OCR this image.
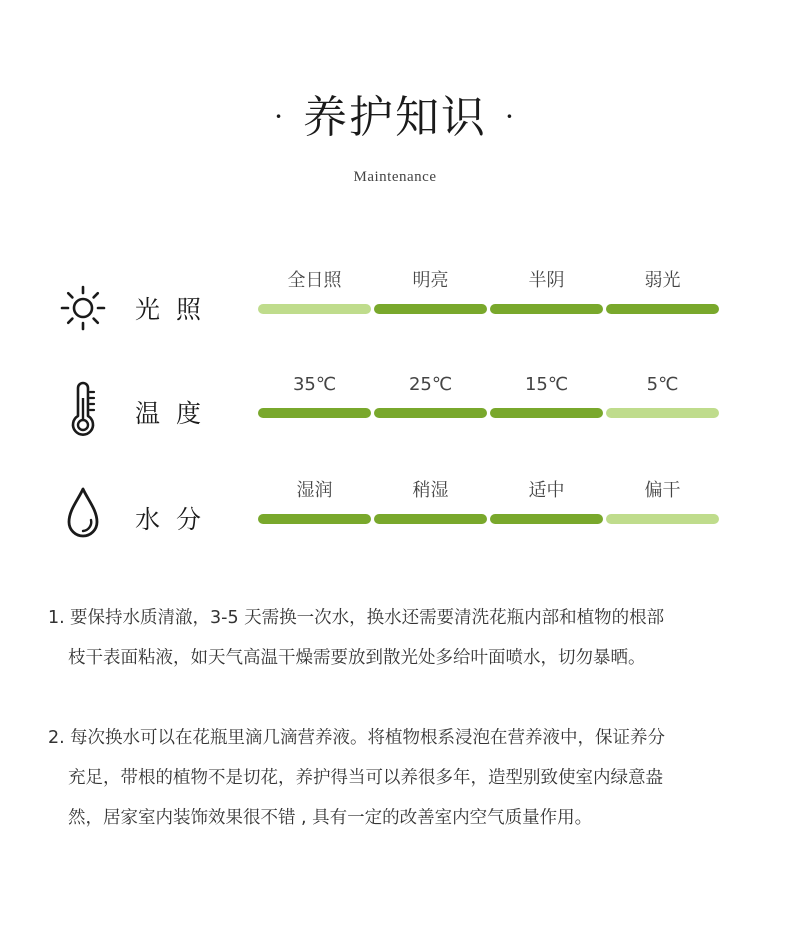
· 养护知识 ·
Maintenance
光照
全日照	明亮	半阴	弱光
温度
35℃	25℃	15℃	5℃
水分
湿润	稍湿	适中	偏干
1. 要保持水质清澈，3-5 天需换一次水，换水还需要清洗花瓶内部和植物的根部
枝干表面粘液，如天气高温干燥需要放到散光处多给叶面喷水，切勿暴晒。
2. 每次换水可以在花瓶里滴几滴营养液。将植物根系浸泡在营养液中，保证养分
充足，带根的植物不是切花，养护得当可以养很多年，造型别致使室内绿意盎
然，居家室内装饰效果很不错 , 具有一定的改善室内空气质量作用。
